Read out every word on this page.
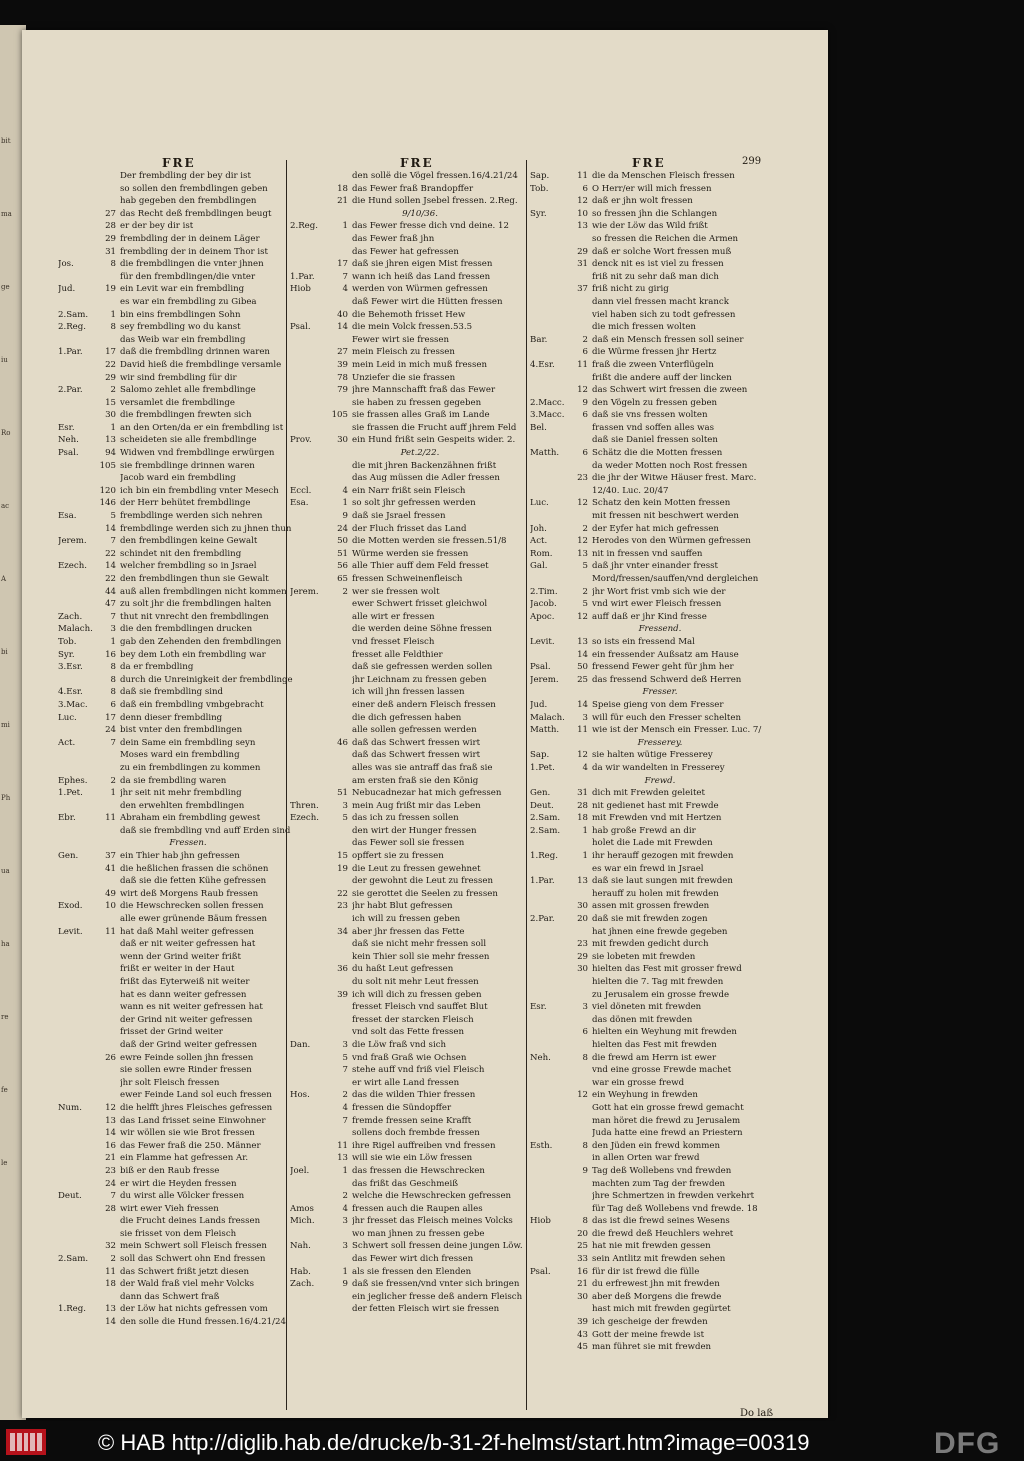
bit
ma
ge
iu
Ro
ac
A
bi
mi
Ph
ua
ha
re
fe
le
FRE	FRE	FRE	299
Der frembdling der bey dir ist
so sollen den frembdlingen geben
hab gegeben den frembdlingen
27 das Recht deß frembdlingen beugt
28 er der bey dir ist
29 frembdling der in deinem Läger
31 frembdling der in deinem Thor ist
Jos.	8 die frembdlingen die vnter jhnen
für den frembdlingen/die vnter
Jud.	19 ein Levit war ein frembdling
es war ein frembdling zu Gibea
2.Sam.	1 bin eins frembdlingen Sohn
2.Reg.	8 sey frembdling wo du kanst
das Weib war ein frembdling
1.Par.	17 daß die frembdling drinnen waren
22 David hieß die frembdlinge versamle
29 wir sind frembdling für dir
2.Par.	2 Salomo zehlet alle frembdlinge
15 versamlet die frembdlinge
30 die frembdlingen frewten sich
Esr.	1 an den Orten/da er ein frembdling ist
Neh.	13 scheideten sie alle frembdlinge
Psal.	94 Widwen vnd frembdlinge erwürgen
105 sie frembdlinge drinnen waren
Jacob ward ein frembdling
120 ich bin ein frembdling vnter Mesech
146 der Herr behütet frembdlinge
Esa.	5 frembdlinge werden sich nehren
14 frembdlinge werden sich zu jhnen thun
Jerem.	7 den frembdlingen keine Gewalt
22 schindet nit den frembdling
Ezech.	14 welcher frembdling so in Jsrael
22 den frembdlingen thun sie Gewalt
44 auß allen frembdlingen nicht kommen
47 zu solt jhr die frembdlingen halten
Zach.	7 thut nit vnrecht den frembdlingen
Malach.	3 die den frembdlingen drucken
Tob.	1 gab den Zehenden den frembdlingen
Syr.	16 bey dem Loth ein frembdling war
3.Esr.	8 da er frembdling
8 durch die Unreinigkeit der frembdlinge
4.Esr.	8 daß sie frembdling sind
3.Mac.	6 daß ein frembdling vmbgebracht
Luc.	17 denn dieser frembdling
24 bist vnter den frembdlingen
Act.	7 dein Same ein frembdling seyn
Moses ward ein frembdling
zu ein frembdlingen zu kommen
Ephes.	2 da sie frembdling waren
1.Pet.	1 jhr seit nit mehr frembdling
den erwehlten frembdlingen
Ebr.	11 Abraham ein frembdling gewest
daß sie frembdling vnd auff Erden sind
Fressen.
Gen.	37 ein Thier hab jhn gefressen
41 die heßlichen frassen die schönen
daß sie die fetten Kühe gefressen
49 wirt deß Morgens Raub fressen
Exod.	10 die Hewschrecken sollen fressen
alle ewer grünende Bäum fressen
Levit.	11 hat daß Mahl weiter gefressen
daß er nit weiter gefressen hat
wenn der Grind weiter frißt
frißt er weiter in der Haut
frißt das Eyterweiß nit weiter
hat es dann weiter gefressen
wann es nit weiter gefressen hat
der Grind nit weiter gefressen
frisset der Grind weiter
daß der Grind weiter gefressen
26 ewre Feinde sollen jhn fressen
sie sollen ewre Rinder fressen
jhr solt Fleisch fressen
ewer Feinde Land sol euch fressen
Num.	12 die helfft jhres Fleisches gefressen
13 das Land frisset seine Einwohner
14 wir wöllen sie wie Brot fressen
16 das Fewer fraß die 250. Männer
21 ein Flamme hat gefressen Ar.
23 biß er den Raub fresse
24 er wirt die Heyden fressen
Deut.	7 du wirst alle Völcker fressen
28 wirt ewer Vieh fressen
die Frucht deines Lands fressen
sie frisset von dem Fleisch
32 mein Schwert soll Fleisch fressen
2.Sam.	2 soll das Schwert ohn End fressen
11 das Schwert frißt jetzt diesen
18 der Wald fraß viel mehr Volcks
dann das Schwert fraß
1.Reg.	13 der Löw hat nichts gefressen vom
14 den solle die Hund fressen.16/4.21/24
den sollë die Vögel fressen.16/4.21/24
18 das Fewer fraß Brandopffer
21 die Hund sollen Jsebel fressen. 2.Reg.
9/10/36.
2.Reg.	1 das Fewer fresse dich vnd deine. 12
das Fewer fraß jhn
das Fewer hat gefressen
17 daß sie jhren eigen Mist fressen
1.Par.	7 wann ich heiß das Land fressen
Hiob	4 werden von Würmen gefressen
daß Fewer wirt die Hütten fressen
40 die Behemoth frisset Hew
Psal.	14 die mein Volck fressen.53.5
Fewer wirt sie fressen
27 mein Fleisch zu fressen
39 mein Leid in mich muß fressen
78 Unziefer die sie frassen
79 jhre Mannschafft fraß das Fewer
sie haben zu fressen gegeben
105 sie frassen alles Graß im Lande
sie frassen die Frucht auff jhrem Feld
Prov.	30 ein Hund frißt sein Gespeits wider. 2.
Pet.2/22.
die mit jhren Backenzähnen frißt
das Aug müssen die Adler fressen
Eccl.	4 ein Narr frißt sein Fleisch
Esa.	1 so solt jhr gefressen werden
9 daß sie Jsrael fressen
24 der Fluch frisset das Land
50 die Motten werden sie fressen.51/8
51 Würme werden sie fressen
56 alle Thier auff dem Feld fresset
65 fressen Schweinenfleisch
Jerem.	2 wer sie fressen wolt
ewer Schwert frisset gleichwol
alle wirt er fressen
die werden deine Söhne fressen
vnd fresset Fleisch
fresset alle Feldthier
daß sie gefressen werden sollen
jhr Leichnam zu fressen geben
ich will jhn fressen lassen
einer deß andern Fleisch fressen
die dich gefressen haben
alle sollen gefressen werden
46 daß das Schwert fressen wirt
daß das Schwert fressen wirt
alles was sie antraff das fraß sie
am ersten fraß sie den König
51 Nebucadnezar hat mich gefressen
Thren.	3 mein Aug frißt mir das Leben
Ezech.	5 das ich zu fressen sollen
den wirt der Hunger fressen
das Fewer soll sie fressen
15 opffert sie zu fressen
19 die Leut zu fressen gewehnet
der gewohnt die Leut zu fressen
22 sie gerottet die Seelen zu fressen
23 jhr habt Blut gefressen
ich will zu fressen geben
34 aber jhr fressen das Fette
daß sie nicht mehr fressen soll
kein Thier soll sie mehr fressen
36 du haßt Leut gefressen
du solt nit mehr Leut fressen
39 ich will dich zu fressen geben
fresset Fleisch vnd sauffet Blut
fresset der starcken Fleisch
vnd solt das Fette fressen
Dan.	3 die Löw fraß vnd sich
5 vnd fraß Graß wie Ochsen
7 stehe auff vnd friß viel Fleisch
er wirt alle Land fressen
Hos.	2 das die wilden Thier fressen
4 fressen die Sündopffer
7 fremde fressen seine Krafft
sollens doch frembde fressen
11 ihre Rigel auffreiben vnd fressen
13 will sie wie ein Löw fressen
Joel.	1 das fressen die Hewschrecken
das frißt das Geschmeiß
2 welche die Hewschrecken gefressen
Amos	4 fressen auch die Raupen alles
Mich.	3 jhr fresset das Fleisch meines Volcks
wo man jhnen zu fressen gebe
Nah.	3 Schwert soll fressen deine jungen Löw.
das Fewer wirt dich fressen
Hab.	1 als sie fressen den Elenden
Zach.	9 daß sie fressen/vnd vnter sich bringen
ein jeglicher fresse deß andern Fleisch
der fetten Fleisch wirt sie fressen
Sap.	11 die da Menschen Fleisch fressen
Tob.	6 O Herr/er will mich fressen
12 daß er jhn wolt fressen
Syr.	10 so fressen jhn die Schlangen
13 wie der Löw das Wild frißt
so fressen die Reichen die Armen
29 daß er solche Wort fressen muß
31 denck nit es ist viel zu fressen
friß nit zu sehr daß man dich
37 friß nicht zu girig
dann viel fressen macht kranck
viel haben sich zu todt gefressen
die mich fressen wolten
Bar.	2 daß ein Mensch fressen soll seiner
6 die Würme fressen jhr Hertz
4.Esr.	11 fraß die zween Vnterflügeln
frißt die andere auff der lincken
12 das Schwert wirt fressen die zween
2.Macc.	9 den Vögeln zu fressen geben
3.Macc.	6 daß sie vns fressen wolten
Bel.	frassen vnd soffen alles was
daß sie Daniel fressen solten
Matth.	6 Schätz die die Motten fressen
da weder Motten noch Rost fressen
23 die jhr der Witwe Häuser frest. Marc.
12/40. Luc. 20/47
Luc.	12 Schatz den kein Motten fressen
mit fressen nit beschwert werden
Joh.	2 der Eyfer hat mich gefressen
Act.	12 Herodes von den Würmen gefressen
Rom.	13 nit in fressen vnd sauffen
Gal.	5 daß jhr vnter einander fresst
Mord/fressen/sauffen/vnd dergleichen
2.Tim.	2 jhr Wort frist vmb sich wie der
Jacob.	5 vnd wirt ewer Fleisch fressen
Apoc.	12 auff daß er jhr Kind fresse
Fressend.
Levit.	13 so ists ein fressend Mal
14 ein fressender Außsatz am Hause
Psal.	50 fressend Fewer geht für jhm her
Jerem.	25 das fressend Schwerd deß Herren
Fresser.
Jud.	14 Speise gieng von dem Fresser
Malach.	3 will für euch den Fresser schelten
Matth.	11 wie ist der Mensch ein Fresser. Luc. 7/
Fresserey.
Sap.	12 sie halten wütige Fresserey
1.Pet.	4 da wir wandelten in Fresserey
Frewd.
Gen.	31 dich mit Frewden geleitet
Deut.	28 nit gedienet hast mit Frewde
2.Sam.	18 mit Frewden vnd mit Hertzen
2.Sam.	1 hab große Frewd an dir
holet die Lade mit Frewden
1.Reg.	1 ihr herauff gezogen mit frewden
es war ein frewd in Jsrael
1.Par.	13 daß sie laut sungen mit frewden
herauff zu holen mit frewden
30 assen mit grossen frewden
2.Par.	20 daß sie mit frewden zogen
hat jhnen eine frewde gegeben
23 mit frewden gedicht durch
29 sie lobeten mit frewden
30 hielten das Fest mit grosser frewd
hielten die 7. Tag mit frewden
zu Jerusalem ein grosse frewde
Esr.	3 viel döneten mit frewden
das dönen mit frewden
6 hielten ein Weyhung mit frewden
hielten das Fest mit frewden
Neh.	8 die frewd am Herrn ist ewer
vnd eine grosse Frewde machet
war ein grosse frewd
12 ein Weyhung in frewden
Gott hat ein grosse frewd gemacht
man höret die frewd zu Jerusalem
Juda hatte eine frewd an Priestern
Esth.	8 den Jüden ein frewd kommen
in allen Orten war frewd
9 Tag deß Wollebens vnd frewden
machten zum Tag der frewden
jhre Schmertzen in frewden verkehrt
für Tag deß Wollebens vnd frewde. 18
Hiob	8 das ist die frewd seines Wesens
20 die frewd deß Heuchlers wehret
25 hat nie mit frewden gessen
33 sein Antlitz mit frewden sehen
Psal.	16 für dir ist frewd die fülle
21 du erfrewest jhn mit frewden
30 aber deß Morgens die frewde
hast mich mit frewden gegürtet
39 ich gescheige der frewden
43 Gott der meine frewde ist
45 man führet sie mit frewden
Do laß
© HAB http://diglib.hab.de/drucke/b-31-2f-helmst/start.htm?image=00319	DFG
